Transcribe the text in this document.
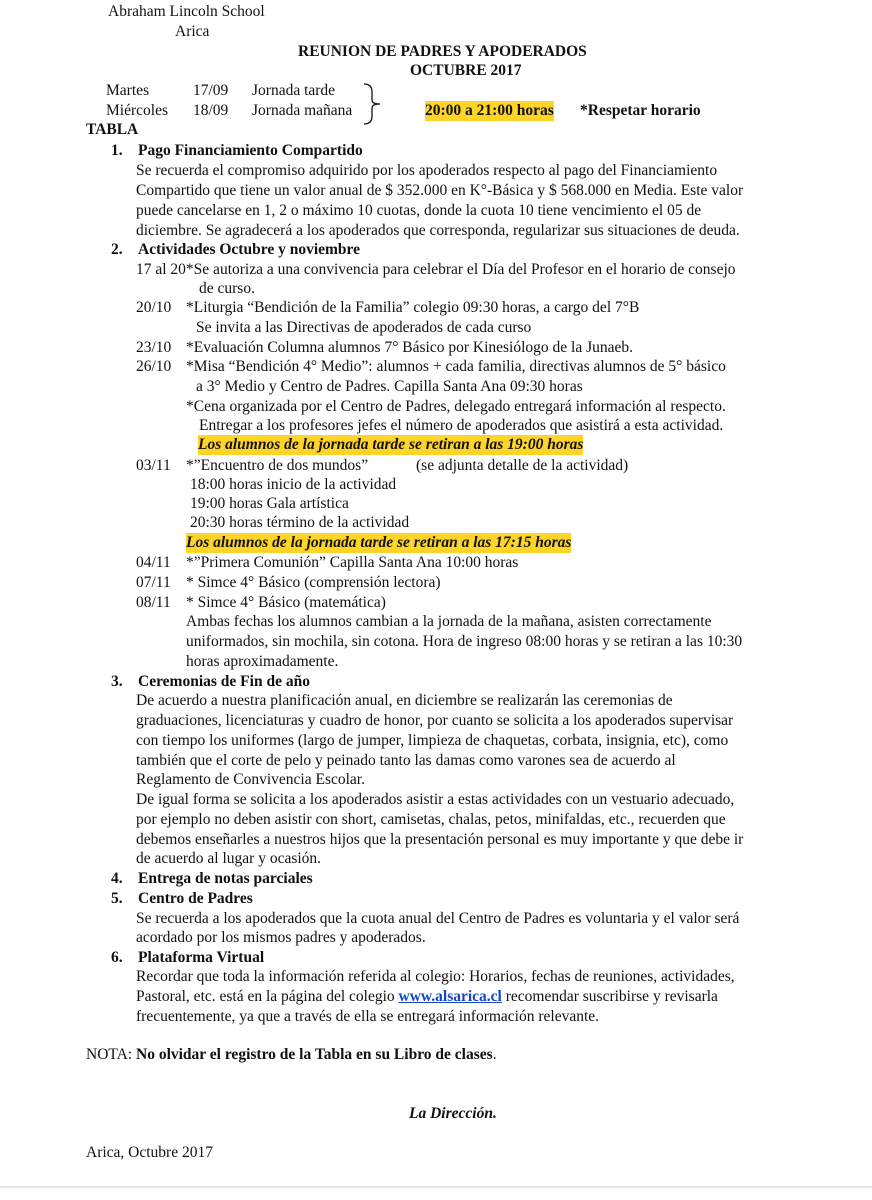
Abraham Lincoln School
Arica
REUNION DE PADRES Y APODERADOS
OCTUBRE 2017
Martes	17/09 Jornada tarde
Miércoles 18/09 Jornada mañana	20:00 a 21:00 horas *Respetar horario
TABLA
1. Pago Financiamiento Compartido
Se recuerda el compromiso adquirido por los apoderados respecto al pago del Financiamiento
Compartido que tiene un valor anual de $ 352.000 en K°-Básica y $ 568.000 en Media. Este valor
puede cancelarse en 1, 2 o máximo 10 cuotas, donde la cuota 10 tiene vencimiento el 05 de
diciembre. Se agradecerá a los apoderados que corresponda, regularizar sus situaciones de deuda.
2. Actividades Octubre y noviembre
17 al 20*Se autoriza a una convivencia para celebrar el Día del Profesor en el horario de consejo
de curso.
20/10 *Liturgia “Bendición de la Familia” colegio 09:30 horas, a cargo del 7°B
Se invita a las Directivas de apoderados de cada curso
23/10 *Evaluación Columna alumnos 7° Básico por Kinesiólogo de la Junaeb.
26/10 *Misa “Bendición 4° Medio”: alumnos + cada familia, directivas alumnos de 5° básico
a 3° Medio y Centro de Padres. Capilla Santa Ana 09:30 horas
*Cena organizada por el Centro de Padres, delegado entregará información al respecto.
Entregar a los profesores jefes el número de apoderados que asistirá a esta actividad.
Los alumnos de la jornada tarde se retiran a las 19:00 horas
03/11 *”Encuentro de dos mundos”	(se adjunta detalle de la actividad)
18:00 horas inicio de la actividad
19:00 horas Gala artística
20:30 horas término de la actividad
Los alumnos de la jornada tarde se retiran a las 17:15 horas
04/11 *”Primera Comunión” Capilla Santa Ana 10:00 horas
07/11 * Simce 4° Básico (comprensión lectora)
08/11 * Simce 4° Básico (matemática)
Ambas fechas los alumnos cambian a la jornada de la mañana, asisten correctamente
uniformados, sin mochila, sin cotona. Hora de ingreso 08:00 horas y se retiran a las 10:30
horas aproximadamente.
3. Ceremonias de Fin de año
De acuerdo a nuestra planificación anual, en diciembre se realizarán las ceremonias de
graduaciones, licenciaturas y cuadro de honor, por cuanto se solicita a los apoderados supervisar
con tiempo los uniformes (largo de jumper, limpieza de chaquetas, corbata, insignia, etc), como
también que el corte de pelo y peinado tanto las damas como varones sea de acuerdo al
Reglamento de Convivencia Escolar.
De igual forma se solicita a los apoderados asistir a estas actividades con un vestuario adecuado,
por ejemplo no deben asistir con short, camisetas, chalas, petos, minifaldas, etc., recuerden que
debemos enseñarles a nuestros hijos que la presentación personal es muy importante y que debe ir
de acuerdo al lugar y ocasión.
4. Entrega de notas parciales
5. Centro de Padres
Se recuerda a los apoderados que la cuota anual del Centro de Padres es voluntaria y el valor será
acordado por los mismos padres y apoderados.
6. Plataforma Virtual
Recordar que toda la información referida al colegio: Horarios, fechas de reuniones, actividades,
Pastoral, etc. está en la página del colegio www.alsarica.cl recomendar suscribirse y revisarla
frecuentemente, ya que a través de ella se entregará información relevante.
NOTA: No olvidar el registro de la Tabla en su Libro de clases.
La Dirección.
Arica, Octubre 2017
